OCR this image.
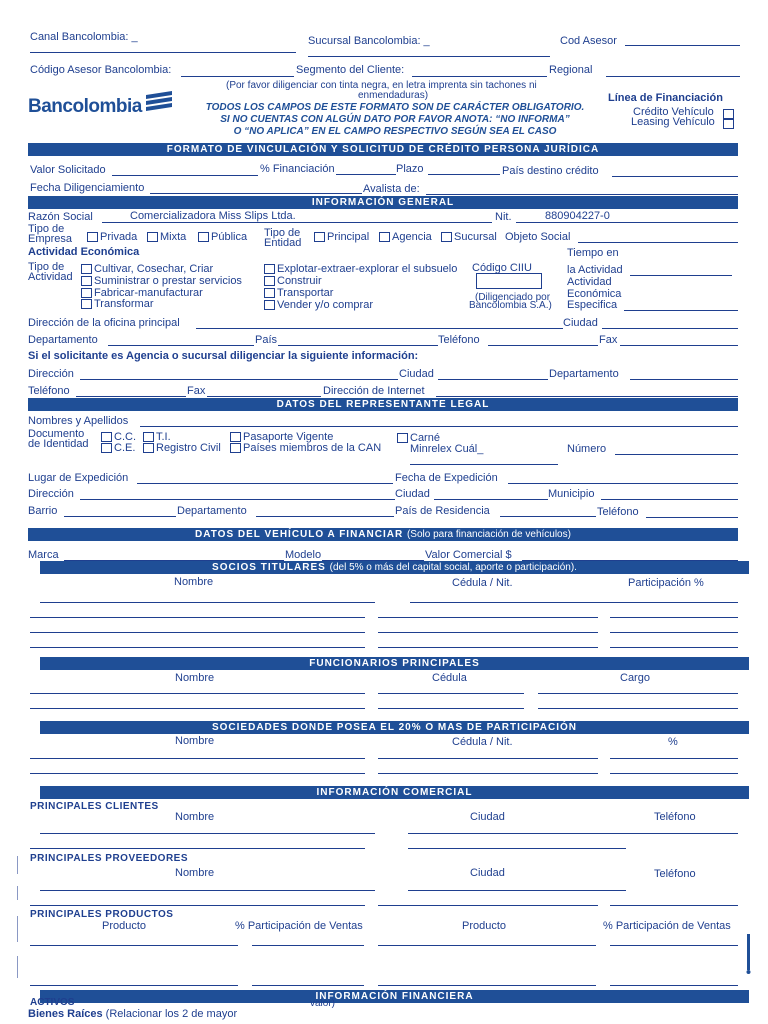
Canal Bancolombia: _	Sucursal Bancolombia: _	Cod Asesor
Código Asesor Bancolombia:	Segmento del Cliente:	Regional
(Por favor diligenciar con tinta negra, en letra imprenta sin tachones ni
enmendaduras)
Bancolombia	TODOS LOS CAMPOS DE ESTE FORMATO SON DE CARÁCTER OBLIGATORIO.
SI NO CUENTAS CON ALGÚN DATO POR FAVOR ANOTA: “NO INFORMA”
O “NO APLICA” EN EL CAMPO RESPECTIVO SEGÚN SEA EL CASO
Línea de Financiación
Crédito Vehículo
Leasing Vehículo
FORMATO DE VINCULACIÓN Y SOLICITUD DE CRÉDITO PERSONA JURÍDICA
Valor Solicitado	% Financiación	Plazo	País destino crédito
Fecha Diligenciamiento	Avalista de:
INFORMACIÓN GENERAL
Razón Social	Comercializadora Miss Slips Ltda.	Nit.	880904227-0
Tipo de Empresa	Privada	Mixta	Pública Tipo de Entidad	Principal	Agencia	Sucursal Objeto Social
Actividad Económica	Tiempo en
Tipo de Actividad
Cultivar, Cosechar, Criar
Suministrar o prestar servicios
Fabricar-manufacturar
Transformar
Explotar-extraer-explorar el subsuelo
Construir
Transportar
Vender y/o comprar
Código CIIU
(Diligenciado por
Bancolombia S.A.)
la Actividad
Actividad
Económica
Especifica
Dirección de la oficina principal	Ciudad
Departamento	País	Teléfono	Fax
Si el solicitante es Agencia o sucursal diligenciar la siguiente información:
Dirección	Ciudad	Departamento
Teléfono	Fax	Dirección de Internet
DATOS DEL REPRESENTANTE LEGAL
Nombres y Apellidos
Documento de Identidad
C.C.	T.I.	Pasaporte Vigente	Carné
C.E.	Registro Civil	Países miembros de la CAN	Minrelex Cuál_	Número
Lugar de Expedición	Fecha de Expedición
Dirección	Ciudad	Municipio
Barrio	Departamento	País de Residencia	Teléfono
DATOS DEL VEHÍCULO A FINANCIAR (Solo para financiación de vehículos)
Marca	Modelo	Valor Comercial $
SOCIOS TITULARES (del 5% o más del capital social, aporte o participación).
Nombre	Cédula / Nit.	Participación %
FUNCIONARIOS PRINCIPALES
Nombre	Cédula	Cargo
SOCIEDADES DONDE POSEA EL 20% O MAS DE PARTICIPACIÓN
Nombre	Cédula / Nit.	%
INFORMACIÓN COMERCIAL
PRINCIPALES CLIENTES
Nombre	Ciudad	Teléfono
PRINCIPALES PROVEEDORES
Nombre	Ciudad	Teléfono
PRINCIPALES PRODUCTOS
Producto	% Participación de Ventas	Producto	% Participación de Ventas
INFORMACIÓN FINANCIERA
ACTIVOS	valor)
Bienes Raíces (Relacionar los 2 de mayor
